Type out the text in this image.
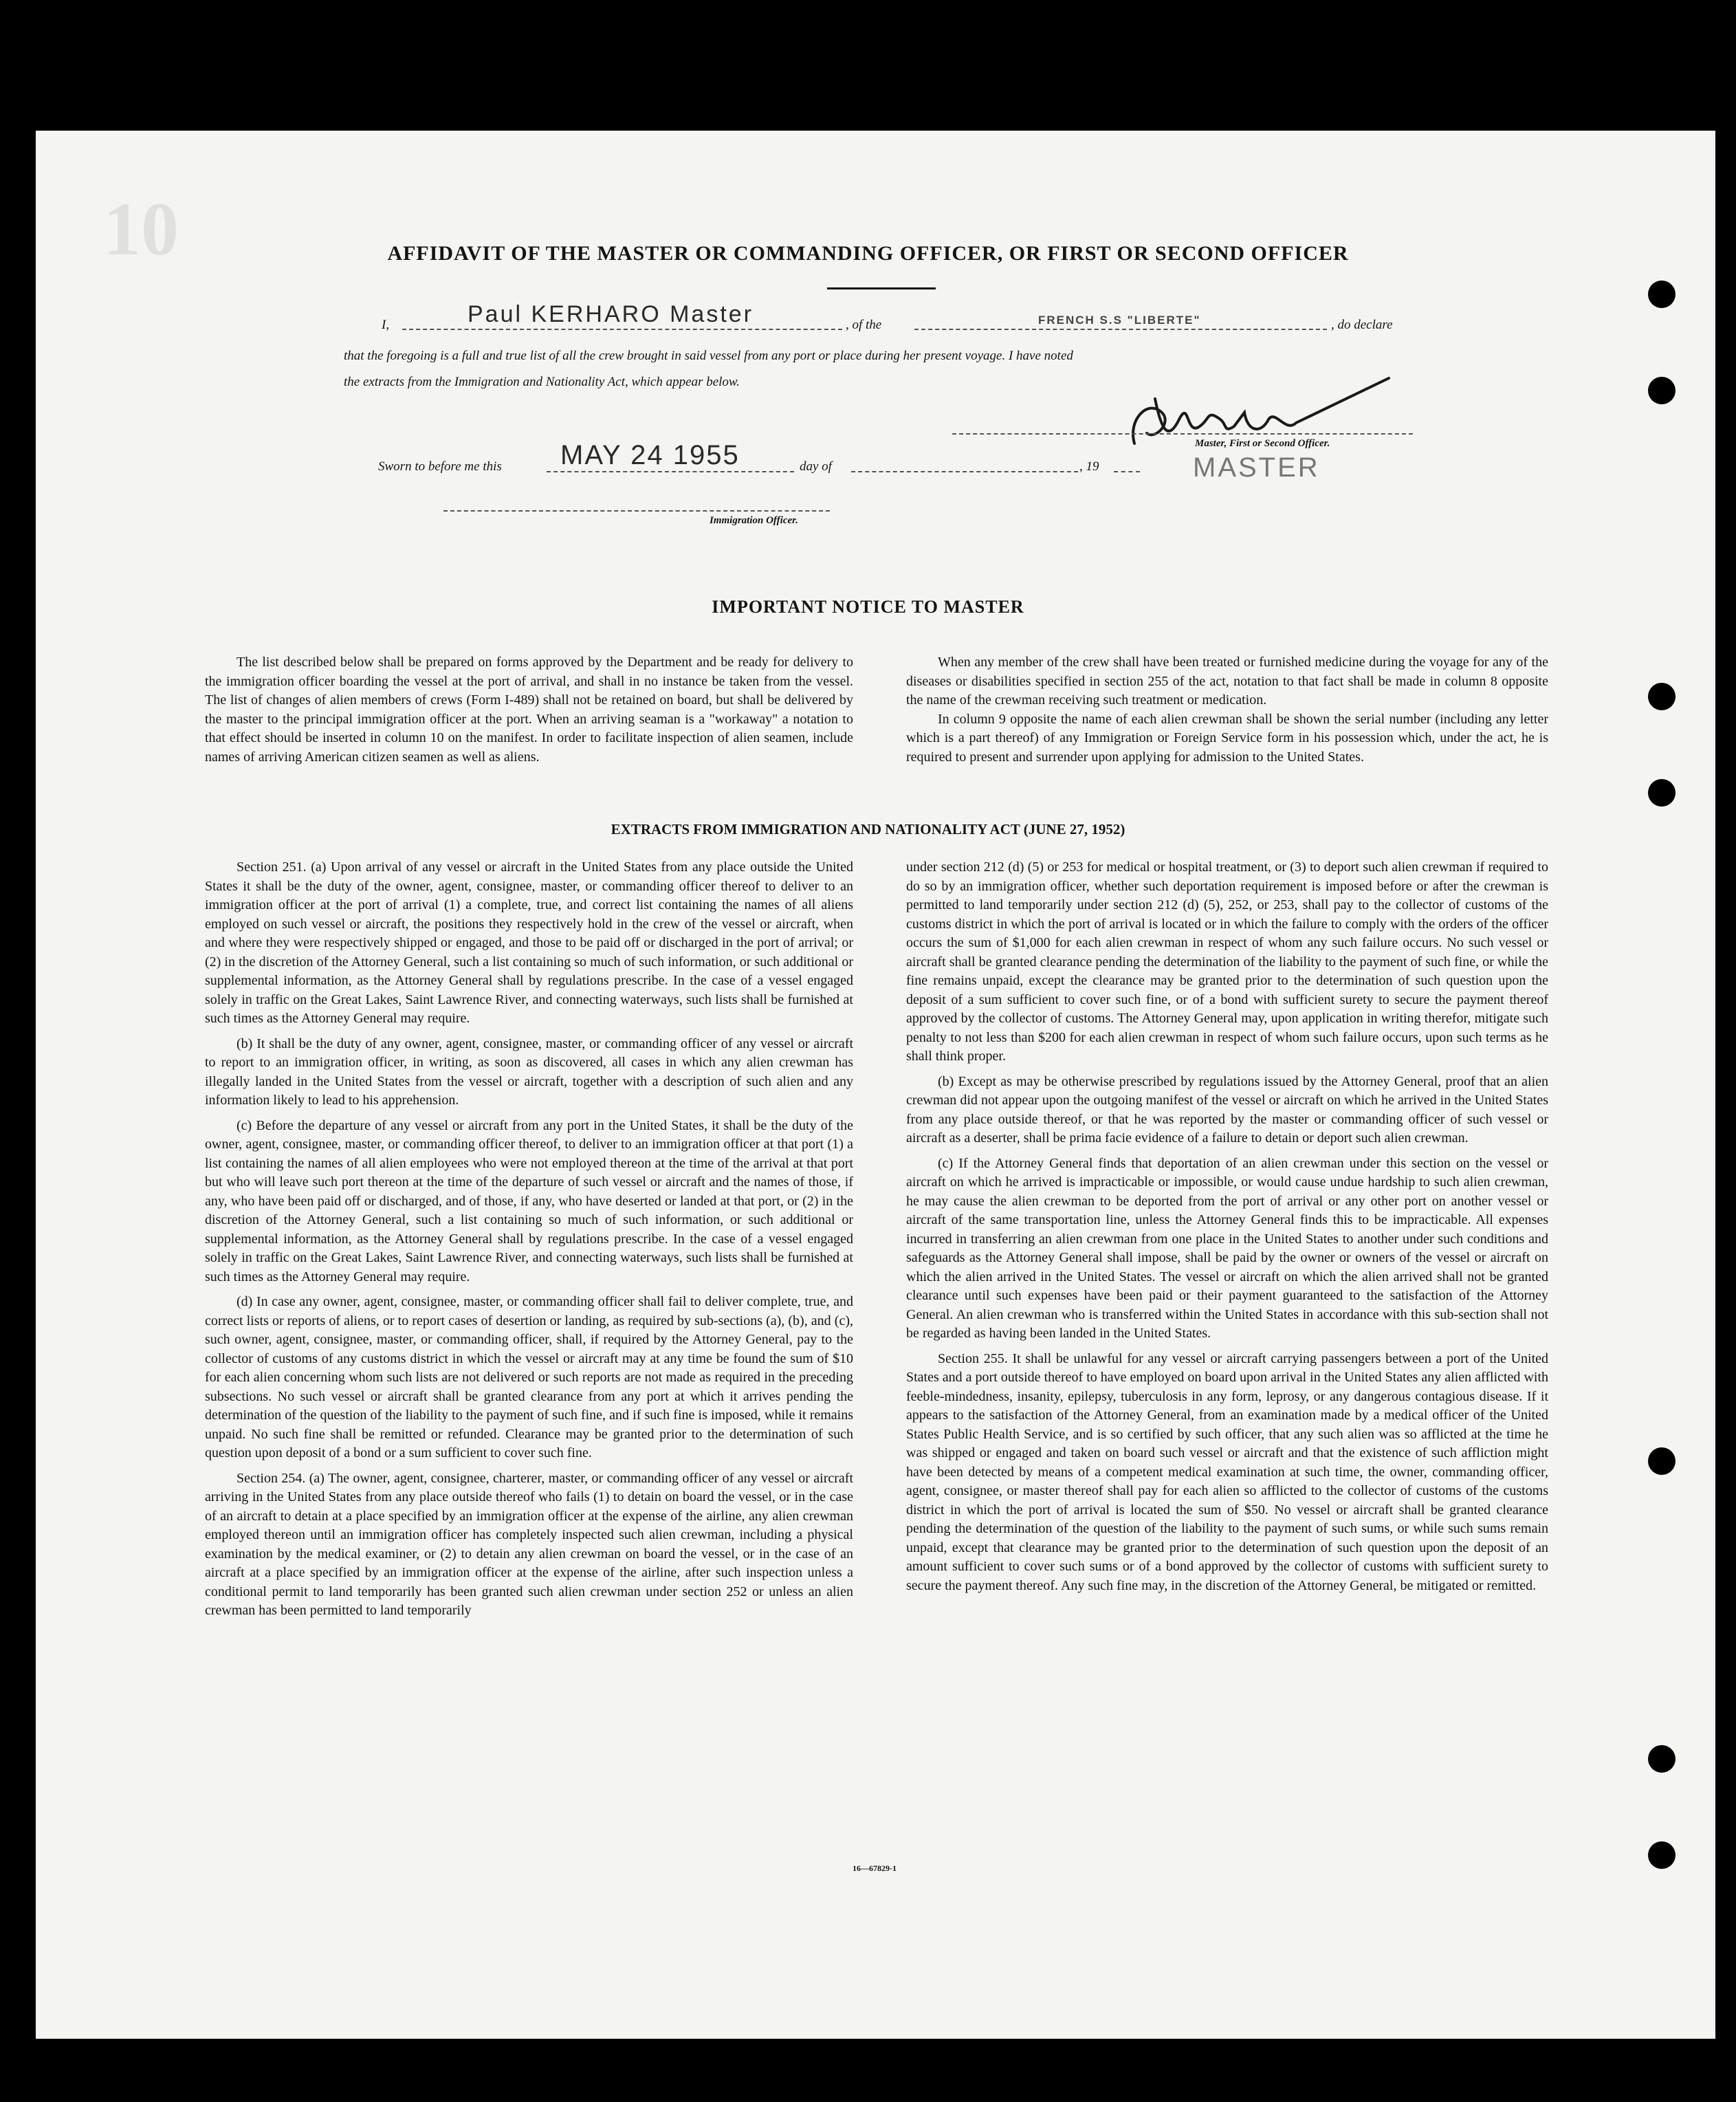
10	AFFIDAVIT OF THE MASTER OR COMMANDING OFFICER, OR FIRST OR SECOND OFFICER
I,	Paul KERHARO Master	, of the	FRENCH S.S "LIBERTE"	, do declare
that the foregoing is a full and true list of all the crew brought in said vessel from any port or place during her present voyage. I have noted
the extracts from the Immigration and Nationality Act, which appear below.
Master, First or Second Officer.
MASTER
Sworn to before me this MAY 24 1955	day of	, 19
Immigration Officer.
IMPORTANT NOTICE TO MASTER

The list described below shall be prepared on forms approved by the Department and be ready for delivery to the immigration officer boarding the vessel at the port of arrival, and shall in no instance be taken from the vessel. The list of changes of alien members of crews (Form I-489) shall not be retained on board, but shall be delivered by the master to the principal immigration officer at the port. When an arriving seaman is a "workaway" a notation to that effect should be inserted in column 10 on the manifest. In order to facilitate inspection of alien seamen, include names of arriving American citizen seamen as well as aliens.

When any member of the crew shall have been treated or furnished medicine during the voyage for any of the diseases or disabilities specified in section 255 of the act, notation to that fact shall be made in column 8 opposite the name of the crewman receiving such treatment or medication.

In column 9 opposite the name of each alien crewman shall be shown the serial number (including any letter which is a part thereof) of any Immigration or Foreign Service form in his possession which, under the act, he is required to present and surrender upon applying for admission to the United States.

EXTRACTS FROM IMMIGRATION AND NATIONALITY ACT (JUNE 27, 1952)

Section 251. (a) Upon arrival of any vessel or aircraft in the United States from any place outside the United States it shall be the duty of the owner, agent, consignee, master, or commanding officer thereof to deliver to an immigration officer at the port of arrival (1) a complete, true, and correct list containing the names of all aliens employed on such vessel or aircraft, the positions they respectively hold in the crew of the vessel or aircraft, when and where they were respectively shipped or engaged, and those to be paid off or discharged in the port of arrival; or (2) in the discretion of the Attorney General, such a list containing so much of such information, or such additional or supplemental information, as the Attorney General shall by regulations prescribe. In the case of a vessel engaged solely in traffic on the Great Lakes, Saint Lawrence River, and connecting waterways, such lists shall be furnished at such times as the Attorney General may require.

(b) It shall be the duty of any owner, agent, consignee, master, or commanding officer of any vessel or aircraft to report to an immigration officer, in writing, as soon as discovered, all cases in which any alien crewman has illegally landed in the United States from the vessel or aircraft, together with a description of such alien and any information likely to lead to his apprehension.

(c) Before the departure of any vessel or aircraft from any port in the United States, it shall be the duty of the owner, agent, consignee, master, or commanding officer thereof, to deliver to an immigration officer at that port (1) a list containing the names of all alien employees who were not employed thereon at the time of the arrival at that port but who will leave such port thereon at the time of the departure of such vessel or aircraft and the names of those, if any, who have been paid off or discharged, and of those, if any, who have deserted or landed at that port, or (2) in the discretion of the Attorney General, such a list containing so much of such information, or such additional or supplemental information, as the Attorney General shall by regulations prescribe. In the case of a vessel engaged solely in traffic on the Great Lakes, Saint Lawrence River, and connecting waterways, such lists shall be furnished at such times as the Attorney General may require.

(d) In case any owner, agent, consignee, master, or commanding officer shall fail to deliver complete, true, and correct lists or reports of aliens, or to report cases of desertion or landing, as required by sub-sections (a), (b), and (c), such owner, agent, consignee, master, or commanding officer, shall, if required by the Attorney General, pay to the collector of customs of any customs district in which the vessel or aircraft may at any time be found the sum of $10 for each alien concerning whom such lists are not delivered or such reports are not made as required in the preceding subsections. No such vessel or aircraft shall be granted clearance from any port at which it arrives pending the determination of the question of the liability to the payment of such fine, and if such fine is imposed, while it remains unpaid. No such fine shall be remitted or refunded. Clearance may be granted prior to the determination of such question upon deposit of a bond or a sum sufficient to cover such fine.

Section 254. (a) The owner, agent, consignee, charterer, master, or commanding officer of any vessel or aircraft arriving in the United States from any place outside thereof who fails (1) to detain on board the vessel, or in the case of an aircraft to detain at a place specified by an immigration officer at the expense of the airline, any alien crewman employed thereon until an immigration officer has completely inspected such alien crewman, including a physical examination by the medical examiner, or (2) to detain any alien crewman on board the vessel, or in the case of an aircraft at a place specified by an immigration officer at the expense of the airline, after such inspection unless a conditional permit to land temporarily has been granted such alien crewman under section 252 or unless an alien crewman has been permitted to land temporarily

under section 212 (d) (5) or 253 for medical or hospital treatment, or (3) to deport such alien crewman if required to do so by an immigration officer, whether such deportation requirement is imposed before or after the crewman is permitted to land temporarily under section 212 (d) (5), 252, or 253, shall pay to the collector of customs of the customs district in which the port of arrival is located or in which the failure to comply with the orders of the officer occurs the sum of $1,000 for each alien crewman in respect of whom any such failure occurs. No such vessel or aircraft shall be granted clearance pending the determination of the liability to the payment of such fine, or while the fine remains unpaid, except the clearance may be granted prior to the determination of such question upon the deposit of a sum sufficient to cover such fine, or of a bond with sufficient surety to secure the payment thereof approved by the collector of customs. The Attorney General may, upon application in writing therefor, mitigate such penalty to not less than $200 for each alien crewman in respect of whom such failure occurs, upon such terms as he shall think proper.

(b) Except as may be otherwise prescribed by regulations issued by the Attorney General, proof that an alien crewman did not appear upon the outgoing manifest of the vessel or aircraft on which he arrived in the United States from any place outside thereof, or that he was reported by the master or commanding officer of such vessel or aircraft as a deserter, shall be prima facie evidence of a failure to detain or deport such alien crewman.

(c) If the Attorney General finds that deportation of an alien crewman under this section on the vessel or aircraft on which he arrived is impracticable or impossible, or would cause undue hardship to such alien crewman, he may cause the alien crewman to be deported from the port of arrival or any other port on another vessel or aircraft of the same transportation line, unless the Attorney General finds this to be impracticable. All expenses incurred in transferring an alien crewman from one place in the United States to another under such conditions and safeguards as the Attorney General shall impose, shall be paid by the owner or owners of the vessel or aircraft on which the alien arrived in the United States. The vessel or aircraft on which the alien arrived shall not be granted clearance until such expenses have been paid or their payment guaranteed to the satisfaction of the Attorney General. An alien crewman who is transferred within the United States in accordance with this sub-section shall not be regarded as having been landed in the United States.

Section 255. It shall be unlawful for any vessel or aircraft carrying passengers between a port of the United States and a port outside thereof to have employed on board upon arrival in the United States any alien afflicted with feeble-mindedness, insanity, epilepsy, tuberculosis in any form, leprosy, or any dangerous contagious disease. If it appears to the satisfaction of the Attorney General, from an examination made by a medical officer of the United States Public Health Service, and is so certified by such officer, that any such alien was so afflicted at the time he was shipped or engaged and taken on board such vessel or aircraft and that the existence of such affliction might have been detected by means of a competent medical examination at such time, the owner, commanding officer, agent, consignee, or master thereof shall pay for each alien so afflicted to the collector of customs of the customs district in which the port of arrival is located the sum of $50. No vessel or aircraft shall be granted clearance pending the determination of the question of the liability to the payment of such sums, or while such sums remain unpaid, except that clearance may be granted prior to the determination of such question upon the deposit of an amount sufficient to cover such sums or of a bond approved by the collector of customs with sufficient surety to secure the payment thereof. Any such fine may, in the discretion of the Attorney General, be mitigated or remitted.

16—67829-1
